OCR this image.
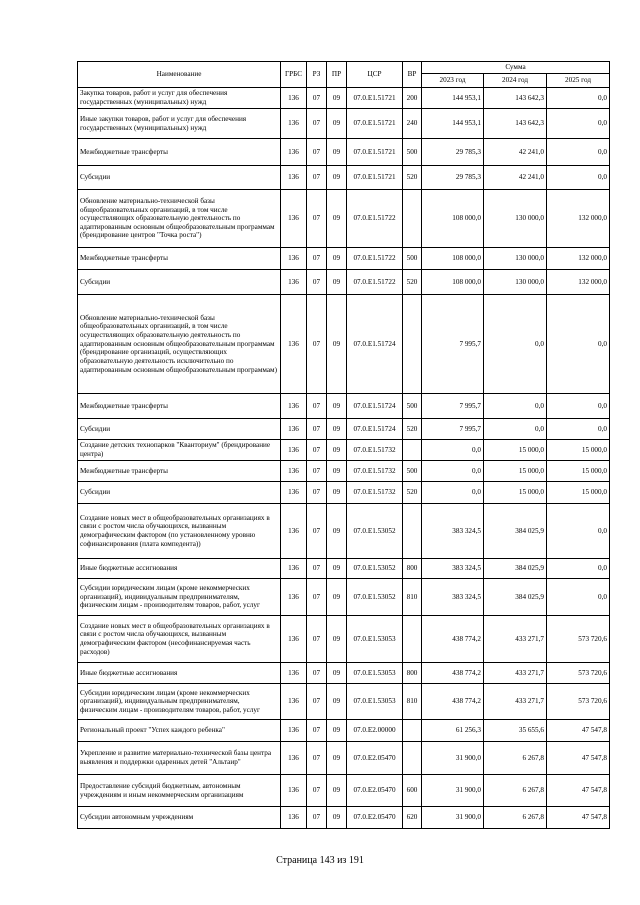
Наименование	ГРБС	РЗ	ПР	ЦСР	ВР	Сумма		
						2023 год	2024 год	2025 год
Закупка товаров, работ и услуг для обеспечения государственных (муниципальных) нужд	136	07	09	07.0.E1.51721	200	144 953,1	143 642,3	0,0
Иные закупки товаров, работ и услуг для обеспечения государственных (муниципальных) нужд	136	07	09	07.0.E1.51721	240	144 953,1	143 642,3	0,0
Межбюджетные трансферты	136	07	09	07.0.E1.51721	500	29 785,3	42 241,0	0,0
Субсидии	136	07	09	07.0.E1.51721	520	29 785,3	42 241,0	0,0
Обновление материально-технической базы общеобразовательных организаций, в том числе осуществляющих образовательную деятельность по адаптированным основным общеобразовательным программам (брендирование центров "Точка роста")	136	07	09	07.0.E1.51722		108 000,0	130 000,0	132 000,0
Межбюджетные трансферты	136	07	09	07.0.E1.51722	500	108 000,0	130 000,0	132 000,0
Субсидии	136	07	09	07.0.E1.51722	520	108 000,0	130 000,0	132 000,0
Обновление материально-технической базы общеобразовательных организаций, в том числе осуществляющих образовательную деятельность по адаптированным основным общеобразовательным программам (брендирование организаций, осуществляющих образовательную деятельность исключительно по адаптированным основным общеобразовательным программам)	136	07	09	07.0.E1.51724		7 995,7	0,0	0,0
Межбюджетные трансферты	136	07	09	07.0.E1.51724	500	7 995,7	0,0	0,0
Субсидии	136	07	09	07.0.E1.51724	520	7 995,7	0,0	0,0
Создание детских технопарков "Кванториум" (брендирование центра)	136	07	09	07.0.E1.51732		0,0	15 000,0	15 000,0
Межбюджетные трансферты	136	07	09	07.0.E1.51732	500	0,0	15 000,0	15 000,0
Субсидии	136	07	09	07.0.E1.51732	520	0,0	15 000,0	15 000,0
Создание новых мест в общеобразовательных организациях в связи с ростом числа обучающихся, вызванным демографическим фактором (по установленному уровню софинансирования (плата компедента))	136	07	09	07.0.E1.53052		383 324,5	384 025,9	0,0
Иные бюджетные ассигнования	136	07	09	07.0.E1.53052	800	383 324,5	384 025,9	0,0
Субсидии юридическим лицам (кроме некоммерческих организаций), индивидуальным предпринимателям, физическим лицам - производителям товаров, работ, услуг	136	07	09	07.0.E1.53052	810	383 324,5	384 025,9	0,0
Создание новых мест в общеобразовательных организациях в связи с ростом числа обучающихся, вызванным демографическим фактором (несофинансируемая часть расходов)	136	07	09	07.0.E1.53053		438 774,2	433 271,7	573 720,6
Иные бюджетные ассигнования	136	07	09	07.0.E1.53053	800	438 774,2	433 271,7	573 720,6
Субсидии юридическим лицам (кроме некоммерческих организаций), индивидуальным предпринимателям, физическим лицам - производителям товаров, работ, услуг	136	07	09	07.0.E1.53053	810	438 774,2	433 271,7	573 720,6
Региональный проект "Успех каждого ребенка"	136	07	09	07.0.E2.00000		61 256,3	35 655,6	47 547,8
Укрепление и развитие материально-технической базы центра выявления и поддержки одаренных детей "Альтаир"	136	07	09	07.0.E2.05470		31 900,0	6 267,8	47 547,8
Предоставление субсидий бюджетным, автономным учреждениям и иным некоммерческим организациям	136	07	09	07.0.E2.05470	600	31 900,0	6 267,8	47 547,8
Субсидии автономным учреждениям	136	07	09	07.0.E2.05470	620	31 900,0	6 267,8	47 547,8
Страница 143 из 191
